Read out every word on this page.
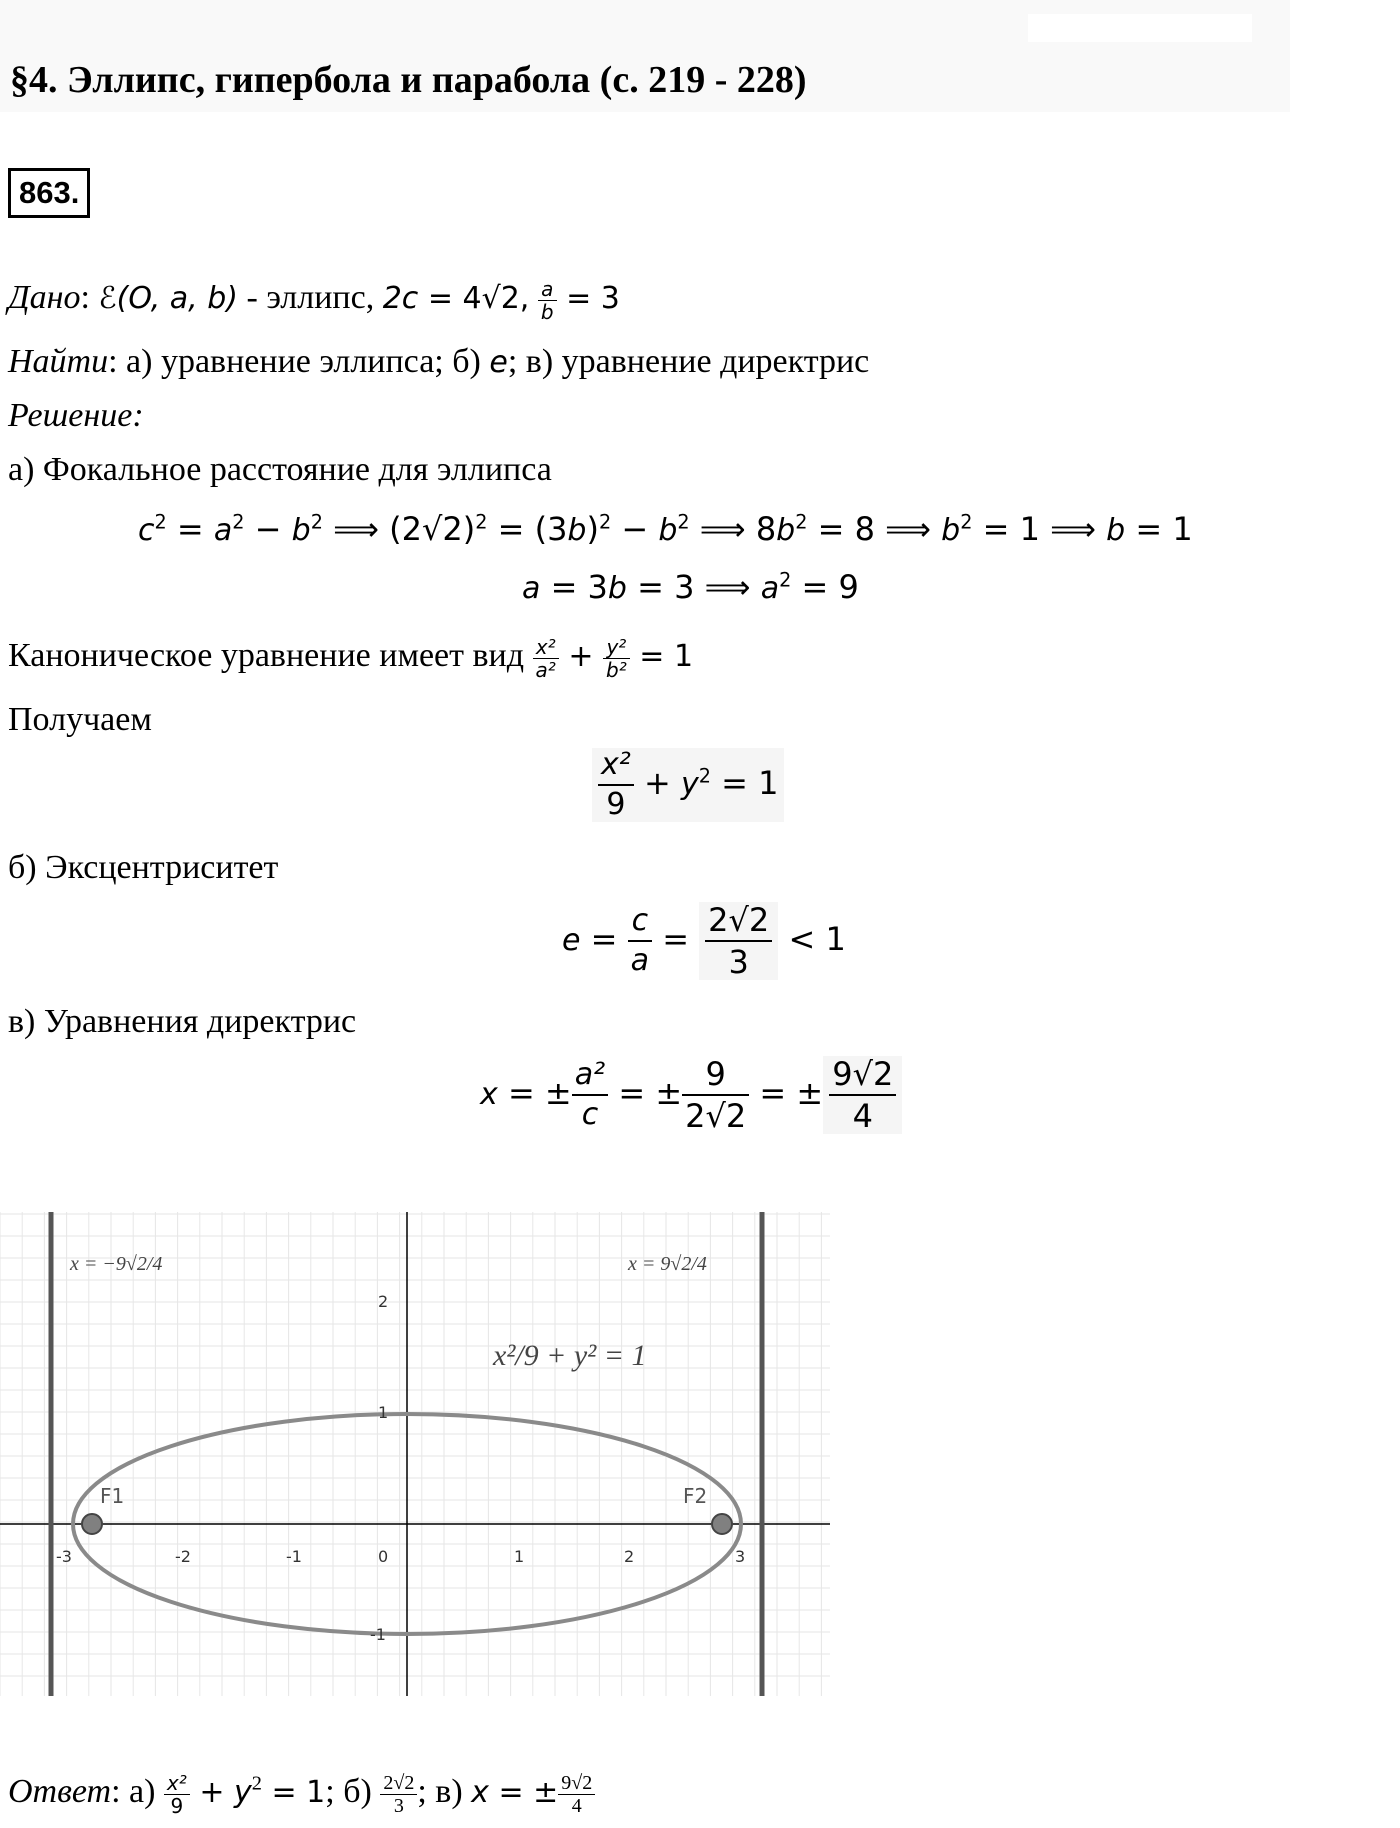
§4. Эллипс, гипербола и парабола (с. 219 - 228)
863.
Дано: ℰ(O, a, b) - эллипс, 2c = 4√2, $\frac{a}{b} = 3$
Найти: а) уравнение эллипса; б) e; в) уравнение директрис
Решение:
а) Фокальное расстояние для эллипса
$c^2 = a^2 - b^2$ ⟹ $(2√2)^2 = (3b)^2 - b^2$ ⟹ $8b^2 = 8$ ⟹ $b^2 = 1$ ⟹ b = 1
a = 3b = 3 ⟹ $a^2 = 9$
Каноническое уравнение имеет вид $\frac{\text{x²}}{\text{a²}} + \frac{\text{y²}}{\text{b²}} = 1$
Получаем
$\frac{\text{x²}}{9} + y^2 = 1$
б) Эксцентриситет
$e = \frac{c}{a} = \frac{2√2}{3} < 1$
в) Уравнения директрис
x = ± $\frac{\text{a²}}{c}$ = ± $\frac{9}{2√2}$ = ± $\frac{9√2}{4}$
-3	-2	-1	0	1	2	3
2
1
-1
x = −9√2/4	x = 9√2/4
x²/9 + y² = 1
F1	F2
Ответ: $а) \frac{\text{x²}}{9} + y^2 = 1$; $б) \frac{2√2}{3}$ ; в) x = ± $\frac{9√2}{4}$
